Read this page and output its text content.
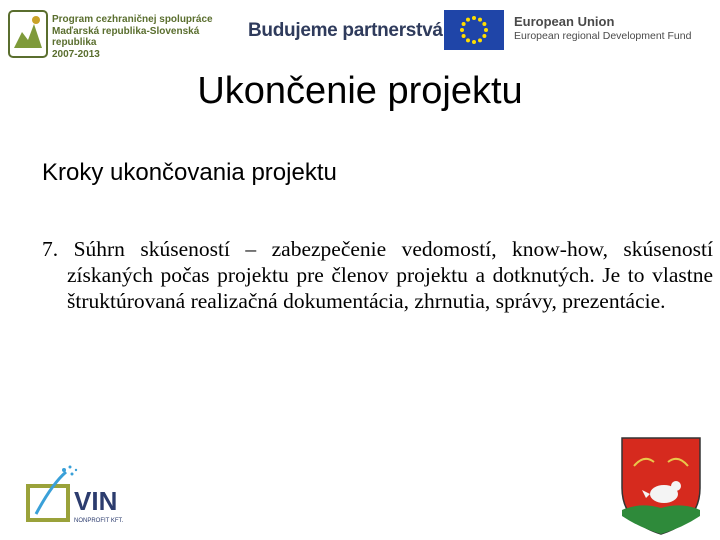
Program cezhraničnej spolupráce
Maďarská republika-Slovenská republika
2007-2013
Budujeme partnerstvá	European Union
European regional Development Fund
Ukončenie projektu
Kroky ukončovania projektu
7. Súhrn skúseností – zabezpečenie vedomostí, know-how, skúseností získaných počas projektu pre členov projektu a dotknutých. Je to vlastne štruktúrovaná realizačná dokumentácia, zhrnutia, správy, prezentácie.
VIN
NONPROFIT KFT.
